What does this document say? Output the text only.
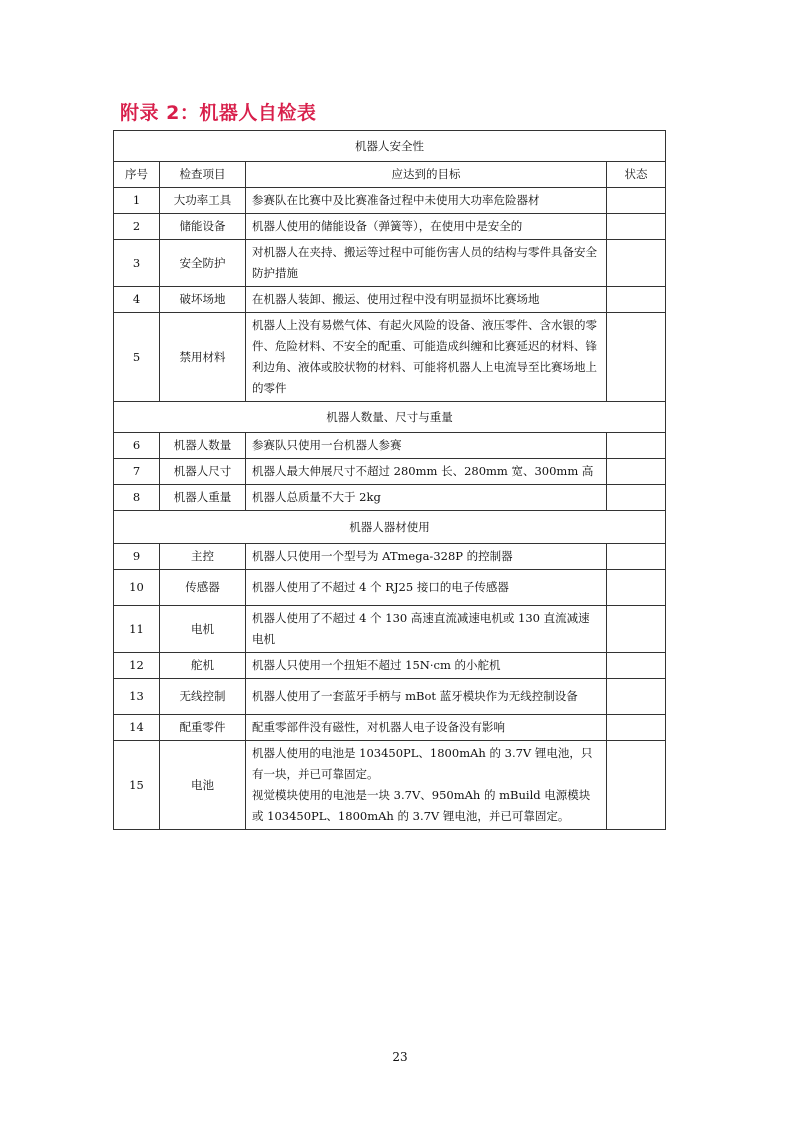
附录 2：机器人自检表
机器人安全性			
序号	检查项目	应达到的目标	状态
1	大功率工具	参赛队在比赛中及比赛准备过程中未使用大功率危险器材	
2	储能设备	机器人使用的储能设备（弹簧等），在使用中是安全的	
3	安全防护	对机器人在夹持、搬运等过程中可能伤害人员的结构与零件具备安全防护措施	
4	破坏场地	在机器人装卸、搬运、使用过程中没有明显损坏比赛场地	
5	禁用材料	机器人上没有易燃气体、有起火风险的设备、液压零件、含水银的零件、危险材料、不安全的配重、可能造成纠缠和比赛延迟的材料、锋利边角、液体或胶状物的材料、可能将机器人上电流导至比赛场地上的零件	
机器人数量、尺寸与重量			
6	机器人数量	参赛队只使用一台机器人参赛	
7	机器人尺寸	机器人最大伸展尺寸不超过 280mm 长、280mm 宽、300mm 高	
8	机器人重量	机器人总质量不大于 2kg	
机器人器材使用			
9	主控	机器人只使用一个型号为 ATmega-328P 的控制器	
10	传感器	机器人使用了不超过 4 个 RJ25 接口的电子传感器	
11	电机	机器人使用了不超过 4 个 130 高速直流减速电机或 130 直流减速电机	
12	舵机	机器人只使用一个扭矩不超过 15N·cm 的小舵机	
13	无线控制	机器人使用了一套蓝牙手柄与 mBot 蓝牙模块作为无线控制设备	
14	配重零件	配重零部件没有磁性，对机器人电子设备没有影响	
15	电池	机器人使用的电池是 103450PL、1800mAh 的 3.7V 锂电池，只有一块，并已可靠固定。
视觉模块使用的电池是一块 3.7V、950mAh 的 mBuild 电源模块或 103450PL、1800mAh 的 3.7V 锂电池，并已可靠固定。	

23
